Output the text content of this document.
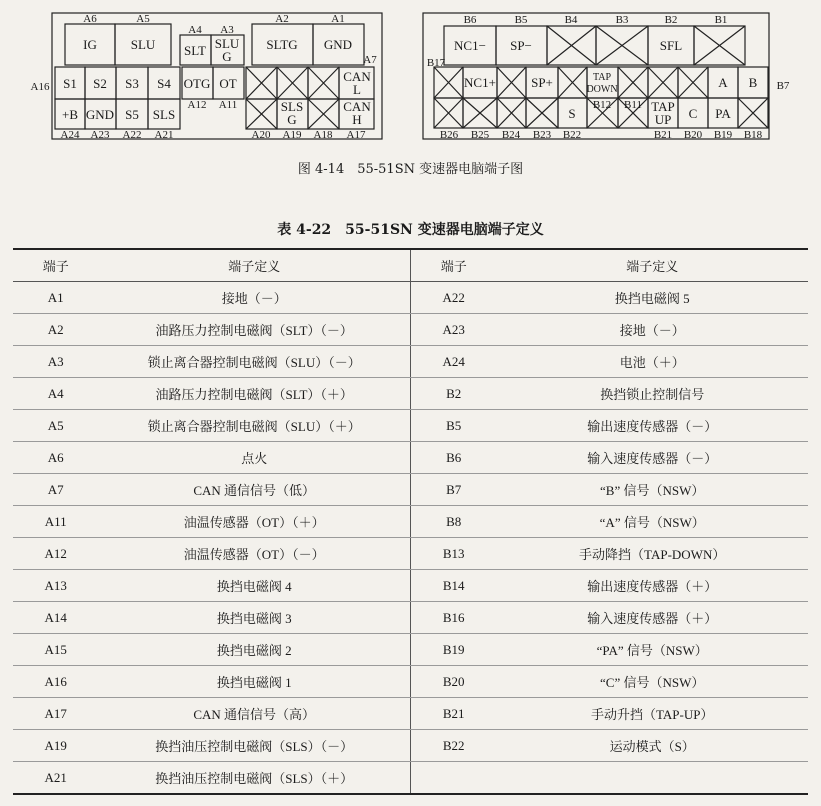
A6	A5
A4 A3
A2	A1
A16
A7
A12 A11
A24 A23 A22 A21	A20 A19 A18 A17
IG	SLU SLT SLU
G
SLTG GND
S1 S2 S3 S4 OTG OT	CAN
L
+B GND S5 SLS
SLS
G
CAN
H
B6	B5	B4	B3	B2	B1
B17
B7
B12 B11
B26 B25 B24 B23 B22	B21 B20 B19 B18
NC1− SP−	SFL
NC1+	SP+	TAP
DOWN	A B
S	TAP
UP C PA
图 4-14　55-51SN 变速器电脑端子图
表 4-22　55-51SN 变速器电脑端子定义
端子	端子定义	端子	端子定义
A1	接地（－）	A22	换挡电磁阀 5
A2	油路压力控制电磁阀（SLT）（－）	A23	接地（－）
A3	锁止离合器控制电磁阀（SLU）（－）	A24	电池（＋）
A4	油路压力控制电磁阀（SLT）（＋）	B2	换挡锁止控制信号
A5	锁止离合器控制电磁阀（SLU）（＋）	B5	输出速度传感器（－）
A6	点火	B6	输入速度传感器（－）
A7	CAN 通信信号（低）	B7	“B” 信号（NSW）
A11	油温传感器（OT）（＋）	B8	“A” 信号（NSW）
A12	油温传感器（OT）（－）	B13	手动降挡（TAP-DOWN）
A13	换挡电磁阀 4	B14	输出速度传感器（＋）
A14	换挡电磁阀 3	B16	输入速度传感器（＋）
A15	换挡电磁阀 2	B19	“PA” 信号（NSW）
A16	换挡电磁阀 1	B20	“C” 信号（NSW）
A17	CAN 通信信号（高）	B21	手动升挡（TAP-UP）
A19	换挡油压控制电磁阀（SLS）（－）	B22	运动模式（S）
A21	换挡油压控制电磁阀（SLS）（＋）		
